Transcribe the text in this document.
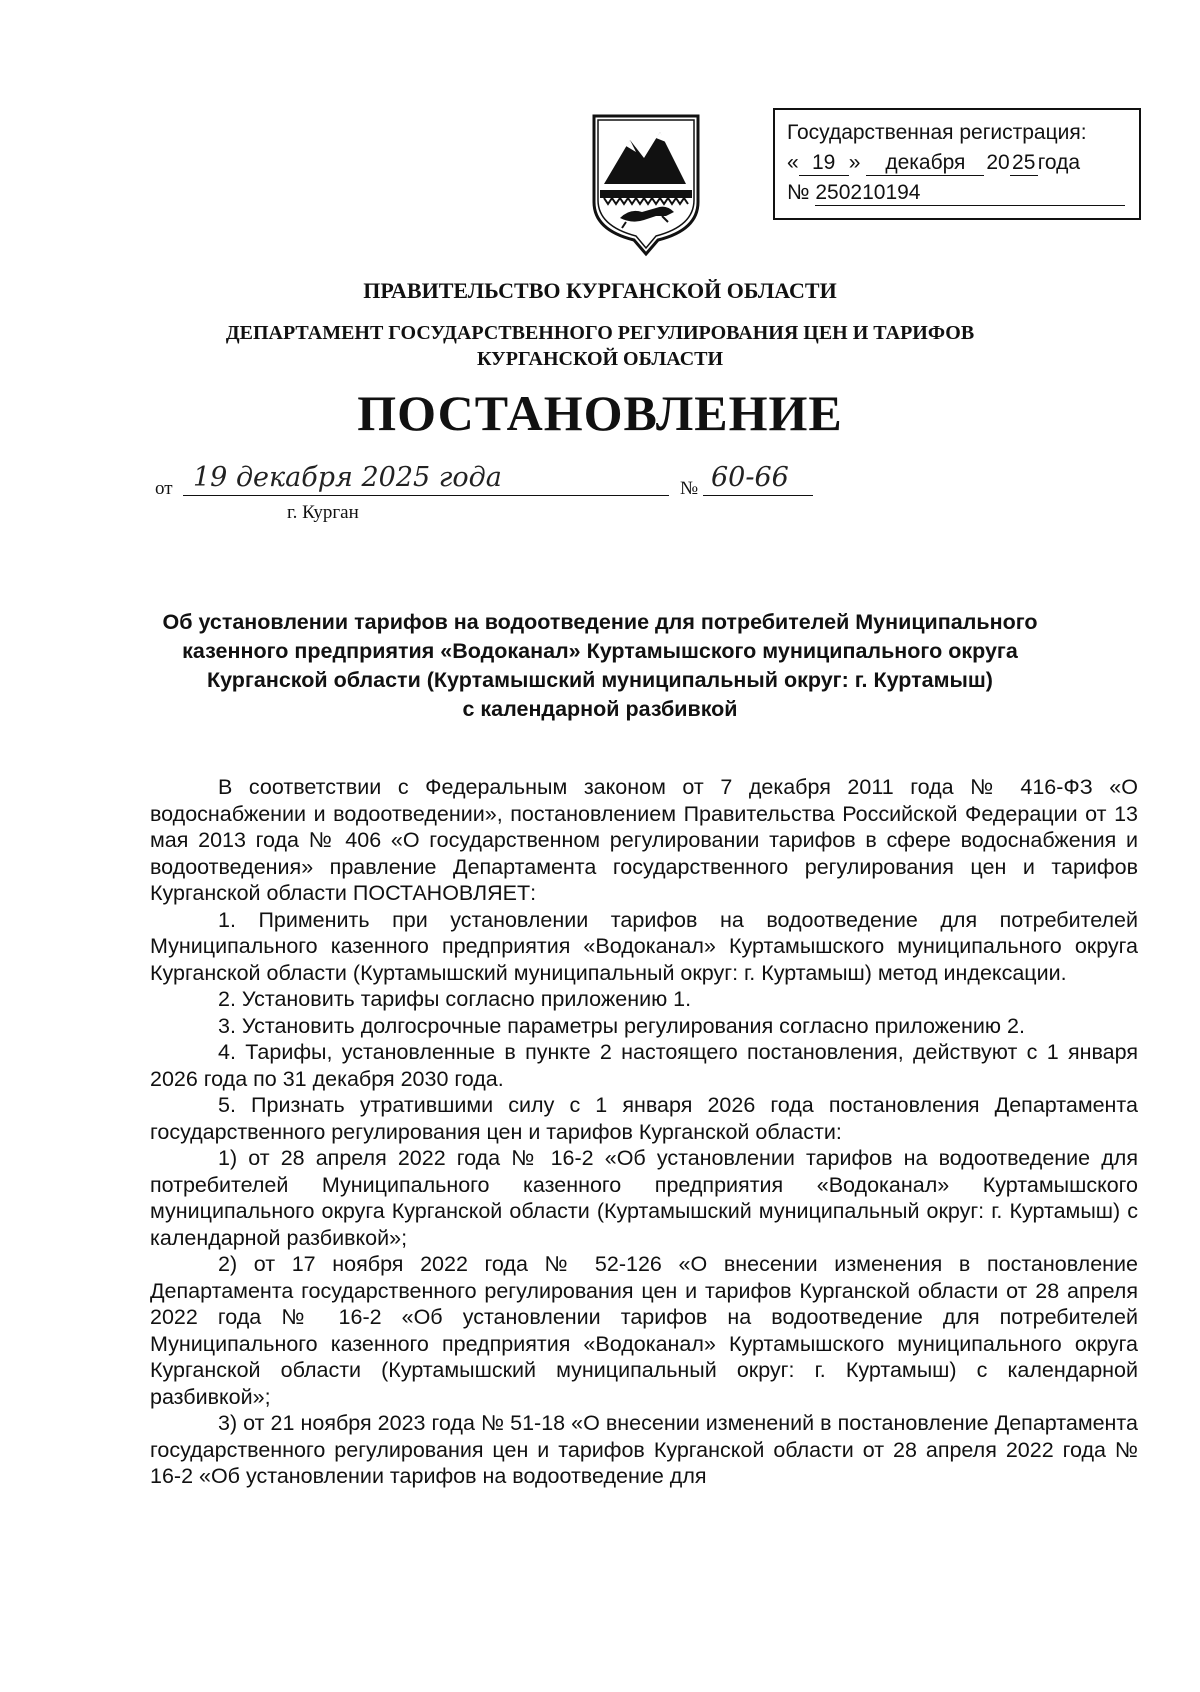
Государственная регистрация:
« 19 » декабря 20 25 года
№ 250210194
ПРАВИТЕЛЬСТВО КУРГАНСКОЙ ОБЛАСТИ
ДЕПАРТАМЕНТ ГОСУДАРСТВЕННОГО РЕГУЛИРОВАНИЯ ЦЕН И ТАРИФОВ
КУРГАНСКОЙ ОБЛАСТИ
ПОСТАНОВЛЕНИЕ
от 19 декабря 2025 года	№ 60-66
г. Курган
Об установлении тарифов на водоотведение для потребителей Муниципального
казенного предприятия «Водоканал» Куртамышского муниципального округа
Курганской области (Куртамышский муниципальный округ: г. Куртамыш)
с календарной разбивкой

В соответствии с Федеральным законом от 7 декабря 2011 года № 416-ФЗ «О водоснабжении и водоотведении», постановлением Правительства Российской Федерации от 13 мая 2013 года № 406 «О государственном регулировании тарифов в сфере водоснабжения и водоотведения» правление Департамента государственного регулирования цен и тарифов Курганской области ПОСТАНОВЛЯЕТ:

1. Применить при установлении тарифов на водоотведение для потребителей Муниципального казенного предприятия «Водоканал» Куртамышского муниципального округа Курганской области (Куртамышский муниципальный округ: г. Куртамыш) метод индексации.

2. Установить тарифы согласно приложению 1.

3. Установить долгосрочные параметры регулирования согласно приложению 2.

4. Тарифы, установленные в пункте 2 настоящего постановления, действуют с 1 января 2026 года по 31 декабря 2030 года.

5. Признать утратившими силу с 1 января 2026 года постановления Департамента государственного регулирования цен и тарифов Курганской области:

1) от 28 апреля 2022 года № 16-2 «Об установлении тарифов на водоотведение для потребителей Муниципального казенного предприятия «Водоканал» Куртамышского муниципального округа Курганской области (Куртамышский муниципальный округ: г. Куртамыш) с календарной разбивкой»;

2) от 17 ноября 2022 года № 52-126 «О внесении изменения в постановление Департамента государственного регулирования цен и тарифов Курганской области от 28 апреля 2022 года № 16-2 «Об установлении тарифов на водоотведение для потребителей Муниципального казенного предприятия «Водоканал» Куртамышского муниципального округа Курганской области (Куртамышский муниципальный округ: г. Куртамыш) с календарной разбивкой»;

3) от 21 ноября 2023 года № 51-18 «О внесении изменений в постановление Департамента государственного регулирования цен и тарифов Курганской области от 28 апреля 2022 года № 16-2 «Об установлении тарифов на водоотведение для
